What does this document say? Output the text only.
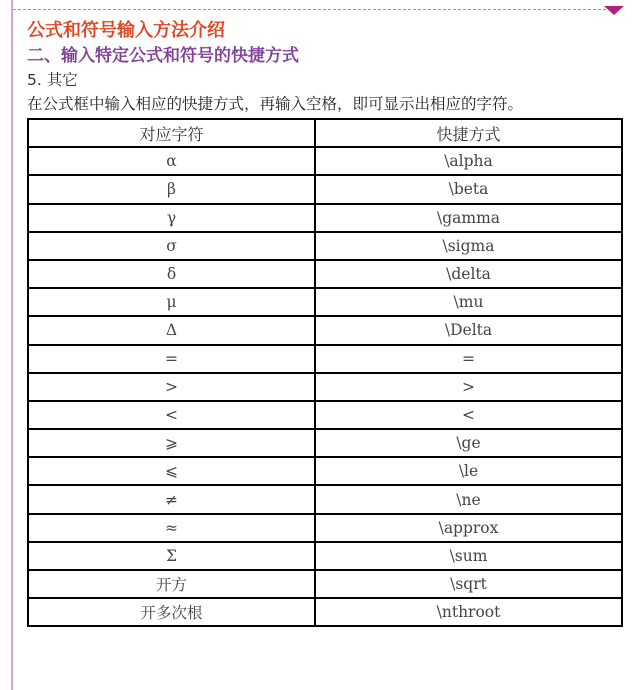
公式和符号输入方法介绍
二、输入特定公式和符号的快捷方式

5. 其它

在公式框中输入相应的快捷方式，再输入空格，即可显示出相应的字符。

对应字符	快捷方式
α	\alpha
β	\beta
γ	\gamma
σ	\sigma
δ	\delta
μ	\mu
Δ	\Delta
=	=
>	>
<	<
⩾	\ge
⩽	\le
≠	\ne
≈	\approx
Σ	\sum
开方	\sqrt
开多次根	\nthroot
